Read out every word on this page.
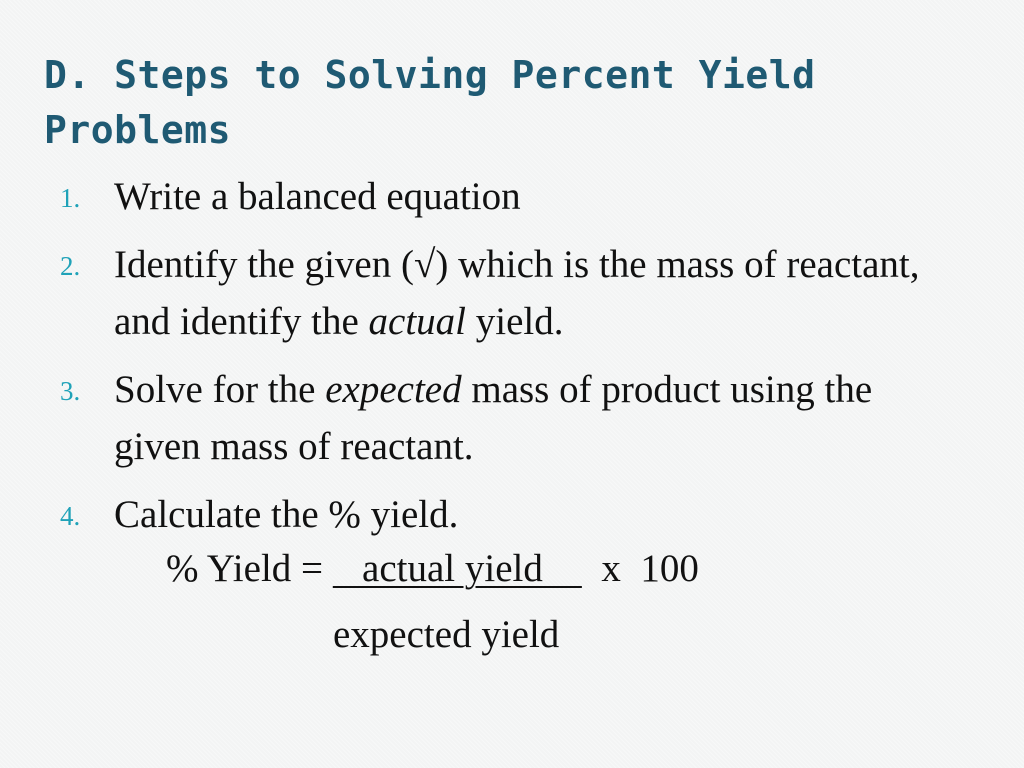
D. Steps to Solving Percent Yield Problems
1. Write a balanced equation
2. Identify the given (√) which is the mass of reactant, and identify the actual yield.
3. Solve for the expected mass of product using the given mass of reactant.
4. Calculate the % yield.
% Yield =    actual yield      x  100
expected yield
